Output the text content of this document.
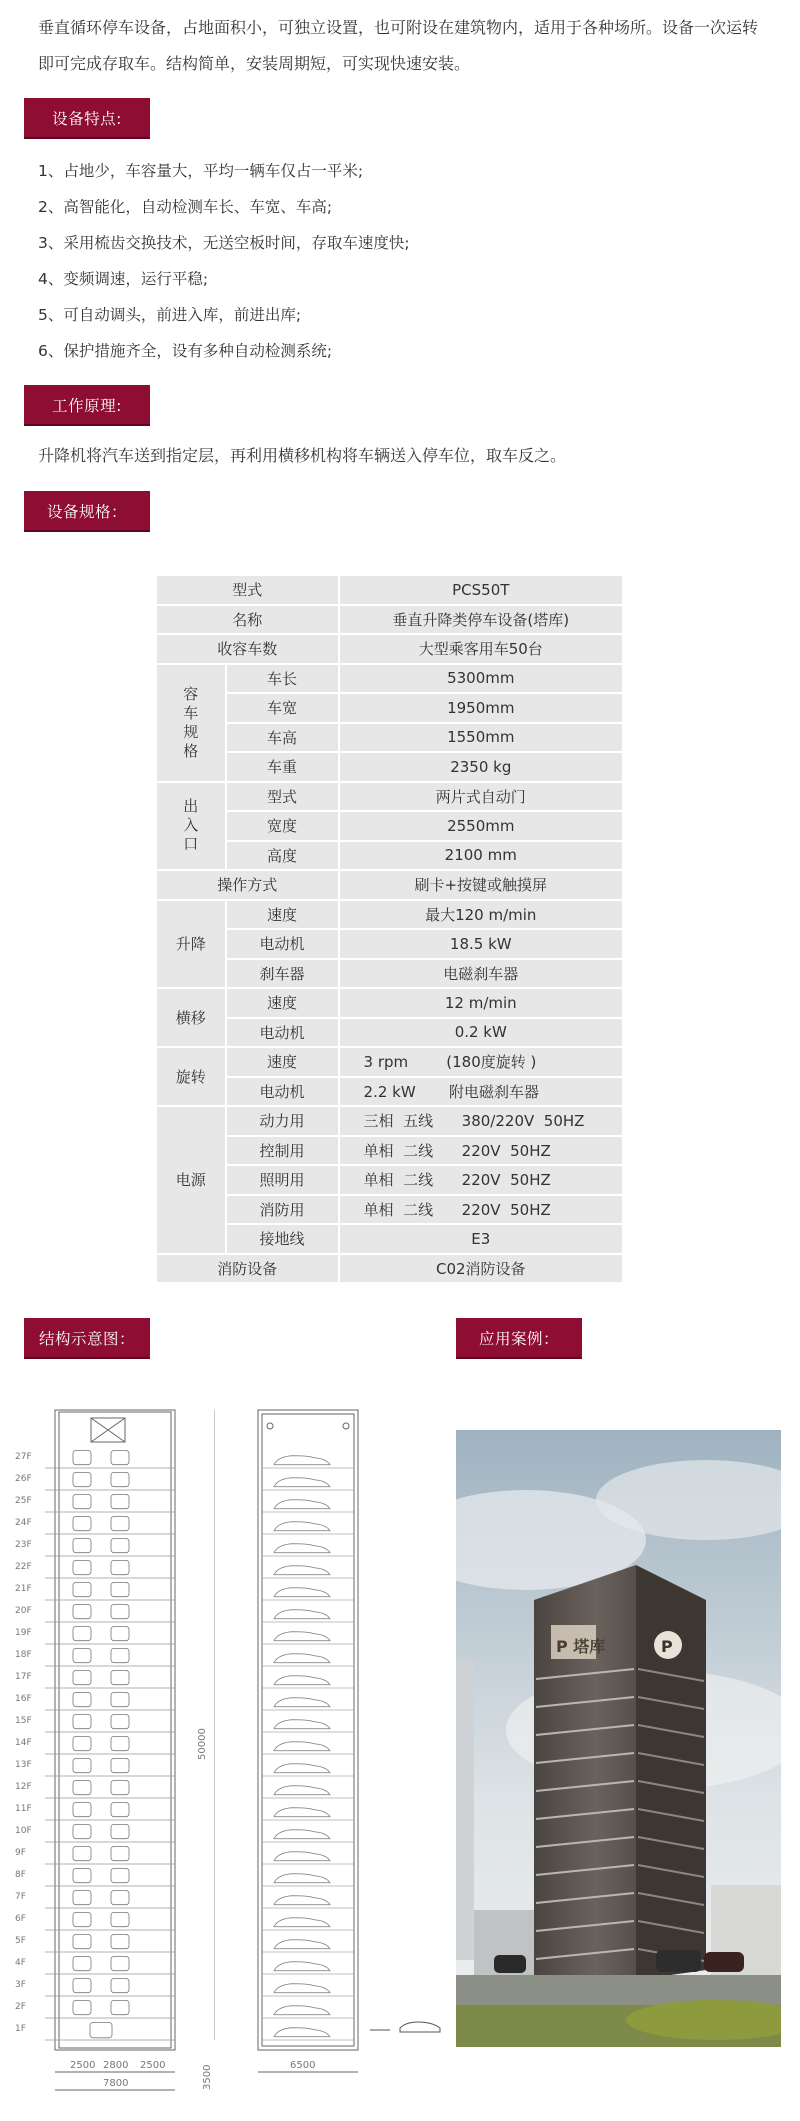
垂直循环停车设备，占地面积小，可独立设置，也可附设在建筑物内，适用于各种场所。设备一次运转即可完成存取车。结构简单，安装周期短，可实现快速安装。

设备特点:
1、占地少，车容量大，平均一辆车仅占一平米;
2、高智能化，自动检测车长、车宽、车高;
3、采用梳齿交换技术，无送空板时间，存取车速度快;
4、变频调速，运行平稳;
5、可自动调头，前进入库，前进出库;
6、保护措施齐全，设有多种自动检测系统;
工作原理:

升降机将汽车送到指定层，再利用横移机构将车辆送入停车位，取车反之。

设备规格：
型式		PCS50T
名称		垂直升降类停车设备(塔库)
收容车数		大型乘客用车50台
容
车
规
格	车长	5300mm
	车宽	1950mm
	车高	1550mm
	车重	2350 kg
出
入
口	型式	两片式自动门
	宽度	2550mm
	高度	2100 mm
操作方式		刷卡+按键或触摸屏
升降	速度	最大120 m/min
	电动机	18.5 kW
	刹车器	电磁刹车器
横移	速度	12 m/min
	电动机	0.2 kW
旋转	速度	3 rpm        (180度旋转 )
	电动机	2.2 kW       附电磁刹车器
电源	动力用	三相  五线      380/220V  50HZ
	控制用	单相  二线      220V  50HZ
	照明用	单相  二线      220V  50HZ
	消防用	单相  二线      220V  50HZ
	接地线	E3
消防设备		C02消防设备
结构示意图：	应用案例：
27F
26F
25F
24F
23F
22F
21F
20F
19F
18F
17F
16F
15F
14F
13F
12F
11F
10F
9F
8F
7F
6F
5F
4F
3F
2F
1F
2500 2800 2500
7800
50000
3500	6500
P 塔库	P
